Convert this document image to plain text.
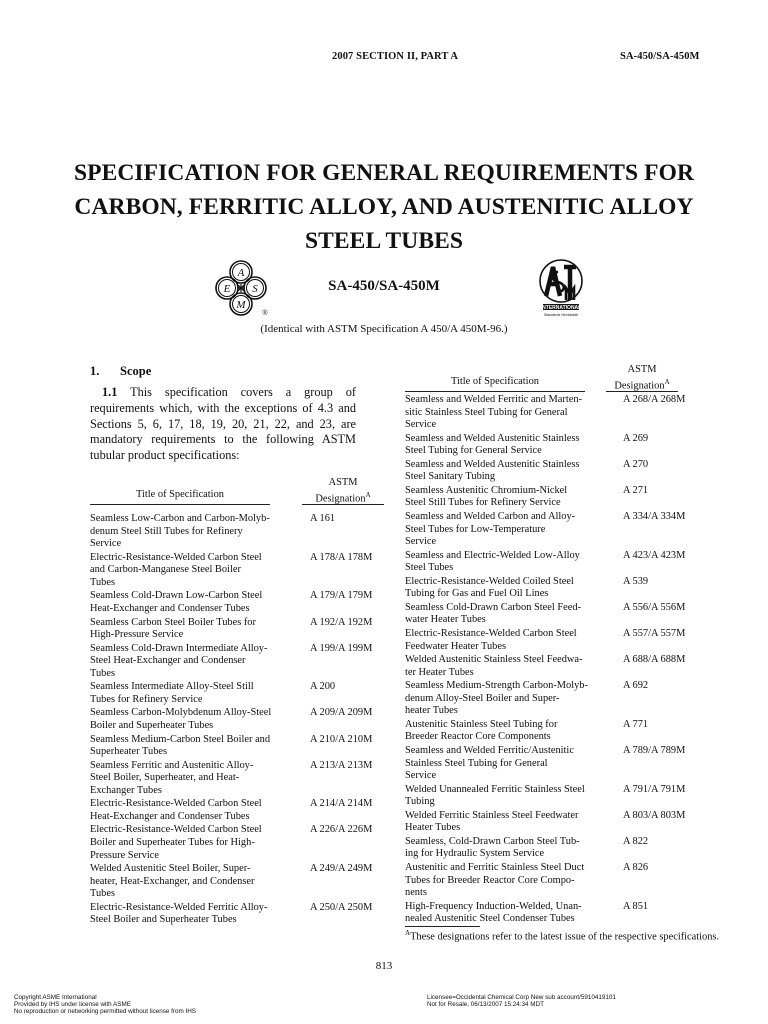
2007 SECTION II, PART A	SA-450/SA-450M
SPECIFICATION FOR GENERAL REQUIREMENTS FOR
CARBON, FERRITIC ALLOY, AND AUSTENITIC ALLOY
STEEL TUBES
A
E S
M
®
SA-450/SA-450M
INTERNATIONAL
Standards Worldwide
(Identical with ASTM Specification A 450/A 450M-96.)
1. Scope
1.1 This specification covers a group of requirements which, with the exceptions of 4.3 and Sections 5, 6, 17, 18, 19, 20, 21, 22, and 23, are mandatory requirements to the following ASTM tubular product specifications:
Title of Specification
ASTM
Designation$^A$
Seamless Low-Carbon and Carbon-Molyb-
denum Steel Still Tubes for Refinery
Service
A 161
Electric-Resistance-Welded Carbon Steel
and Carbon-Manganese Steel Boiler
Tubes
A 178/A 178M
Seamless Cold-Drawn Low-Carbon Steel
Heat-Exchanger and Condenser Tubes
A 179/A 179M
Seamless Carbon Steel Boiler Tubes for
High-Pressure Service
A 192/A 192M
Seamless Cold-Drawn Intermediate Alloy-
Steel Heat-Exchanger and Condenser
Tubes
A 199/A 199M
Seamless Intermediate Alloy-Steel Still
Tubes for Refinery Service
A 200
Seamless Carbon-Molybdenum Alloy-Steel
Boiler and Superheater Tubes
A 209/A 209M
Seamless Medium-Carbon Steel Boiler and
Superheater Tubes
A 210/A 210M
Seamless Ferritic and Austenitic Alloy-
Steel Boiler, Superheater, and Heat-
Exchanger Tubes
A 213/A 213M
Electric-Resistance-Welded Carbon Steel
Heat-Exchanger and Condenser Tubes
A 214/A 214M
Electric-Resistance-Welded Carbon Steel
Boiler and Superheater Tubes for High-
Pressure Service
A 226/A 226M
Welded Austenitic Steel Boiler, Super-
heater, Heat-Exchanger, and Condenser
Tubes
A 249/A 249M
Electric-Resistance-Welded Ferritic Alloy-
Steel Boiler and Superheater Tubes
A 250/A 250M
Title of Specification
ASTM
Designation$^A$
Seamless and Welded Ferritic and Marten-
sitic Stainless Steel Tubing for General
Service
A 268/A 268M
Seamless and Welded Austenitic Stainless
Steel Tubing for General Service
A 269
Seamless and Welded Austenitic Stainless
Steel Sanitary Tubing
A 270
Seamless Austenitic Chromium-Nickel
Steel Still Tubes for Refinery Service
A 271
Seamless and Welded Carbon and Alloy-
Steel Tubes for Low-Temperature
Service
A 334/A 334M
Seamless and Electric-Welded Low-Alloy
Steel Tubes
A 423/A 423M
Electric-Resistance-Welded Coiled Steel
Tubing for Gas and Fuel Oil Lines
A 539
Seamless Cold-Drawn Carbon Steel Feed-
water Heater Tubes
A 556/A 556M
Electric-Resistance-Welded Carbon Steel
Feedwater Heater Tubes
A 557/A 557M
Welded Austenitic Stainless Steel Feedwa-
ter Heater Tubes
A 688/A 688M
Seamless Medium-Strength Carbon-Molyb-
denum Alloy-Steel Boiler and Super-
heater Tubes
A 692
Austenitic Stainless Steel Tubing for
Breeder Reactor Core Components
A 771
Seamless and Welded Ferritic/Austenitic
Stainless Steel Tubing for General
Service
A 789/A 789M
Welded Unannealed Ferritic Stainless Steel
Tubing
A 791/A 791M
Welded Ferritic Stainless Steel Feedwater
Heater Tubes
A 803/A 803M
Seamless, Cold-Drawn Carbon Steel Tub-
ing for Hydraulic System Service
A 822
Austenitic and Ferritic Stainless Steel Duct
Tubes for Breeder Reactor Core Compo-
nents
A 826
High-Frequency Induction-Welded, Unan-
nealed Austenitic Steel Condenser Tubes
A 851
$^A$These designations refer to the latest issue of the respective specifications.
813
Copyright ASME International
Provided by IHS under license with ASME
No reproduction or networking permitted without license from IHS
Licensee=Occidental Chemical Corp New sub account/5910419101
Not for Resale, 06/13/2007 15:24:34 MDT
